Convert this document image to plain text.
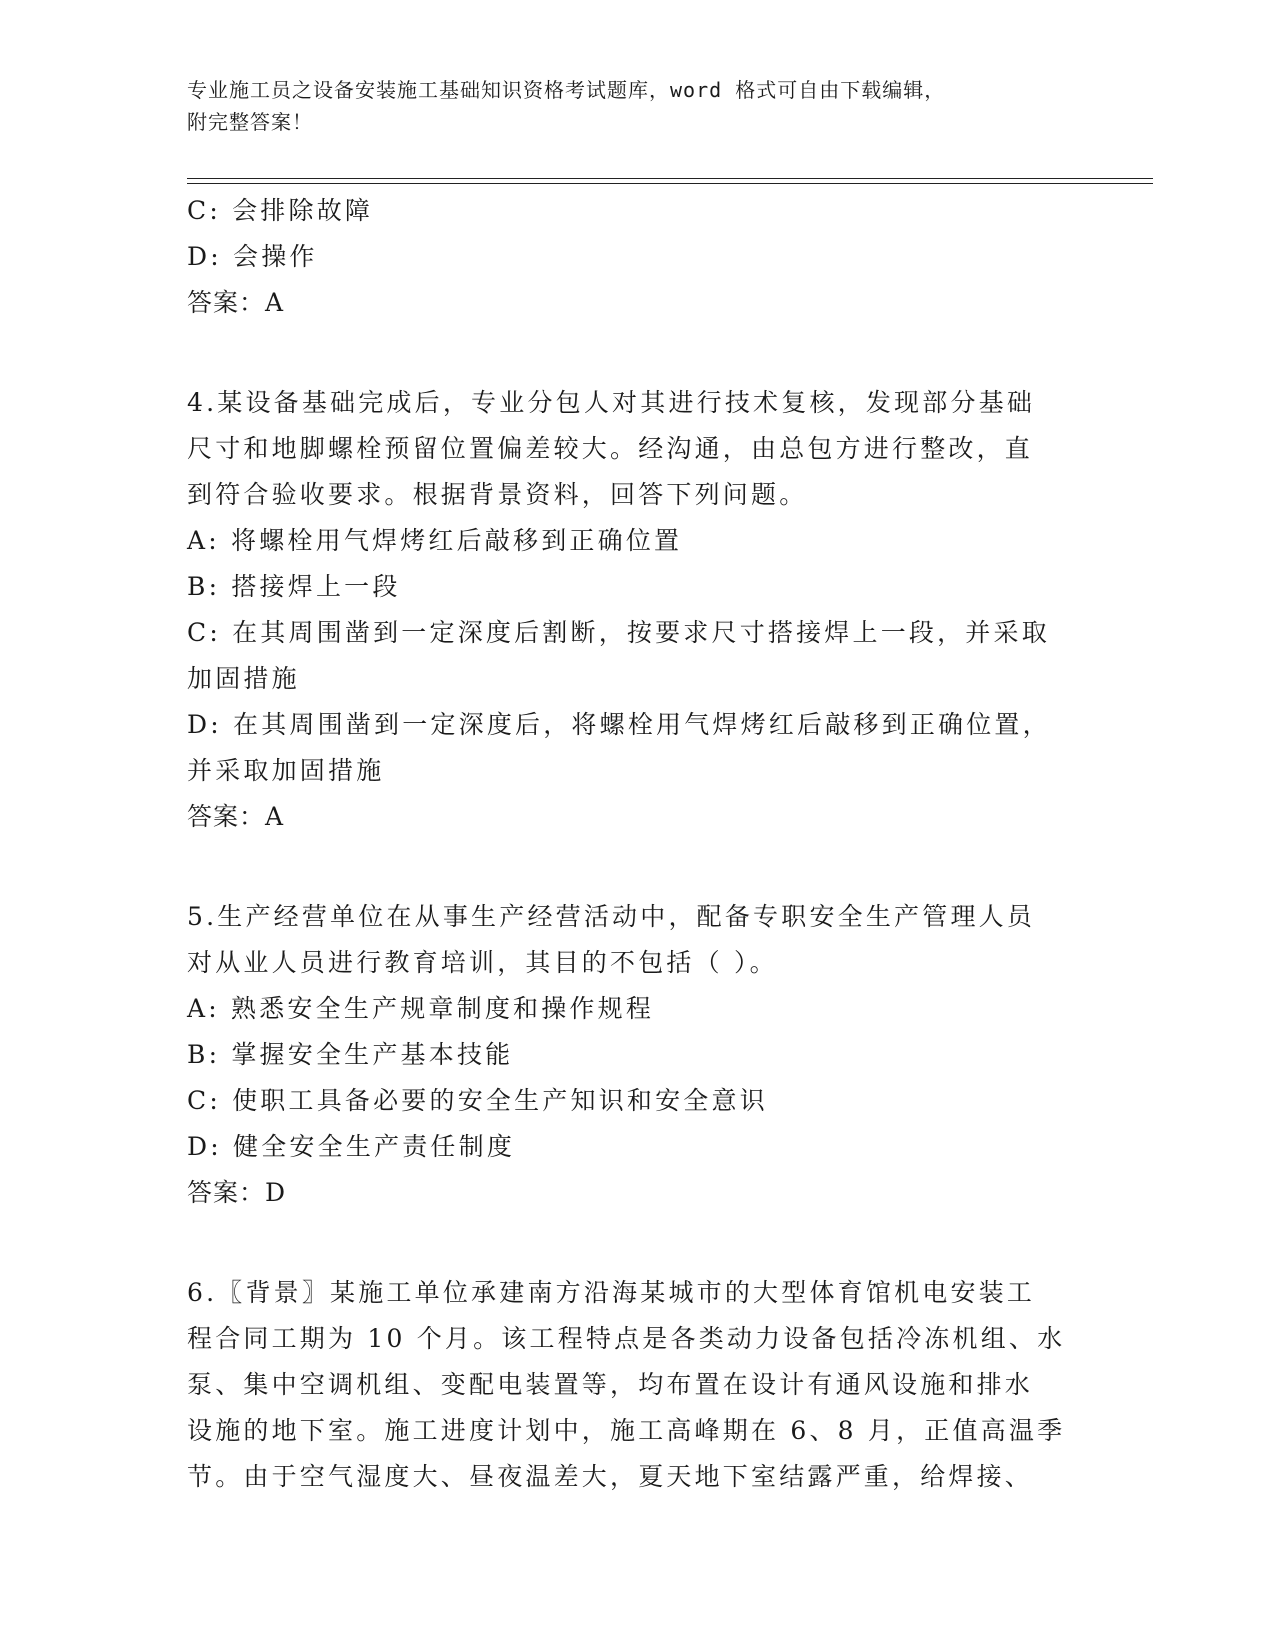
专业施工员之设备安装施工基础知识资格考试题库，word 格式可自由下载编辑，
附完整答案！
C: 会排除故障
D: 会操作
答案：A
4.某设备基础完成后，专业分包人对其进行技术复核，发现部分基础
尺寸和地脚螺栓预留位置偏差较大。经沟通，由总包方进行整改，直
到符合验收要求。根据背景资料，回答下列问题。
A: 将螺栓用气焊烤红后敲移到正确位置
B: 搭接焊上一段
C: 在其周围凿到一定深度后割断，按要求尺寸搭接焊上一段，并采取
加固措施
D: 在其周围凿到一定深度后，将螺栓用气焊烤红后敲移到正确位置，
并采取加固措施
答案：A
5.生产经营单位在从事生产经营活动中，配备专职安全生产管理人员
对从业人员进行教育培训，其目的不包括（ ）。
A: 熟悉安全生产规章制度和操作规程
B: 掌握安全生产基本技能
C: 使职工具备必要的安全生产知识和安全意识
D: 健全安全生产责任制度
答案：D
6.〖背景〗某施工单位承建南方沿海某城市的大型体育馆机电安装工
程合同工期为 10 个月。该工程特点是各类动力设备包括冷冻机组、水
泵、集中空调机组、变配电装置等，均布置在设计有通风设施和排水
设施的地下室。施工进度计划中，施工高峰期在 6、8 月，正值高温季
节。由于空气湿度大、昼夜温差大，夏天地下室结露严重，给焊接、
